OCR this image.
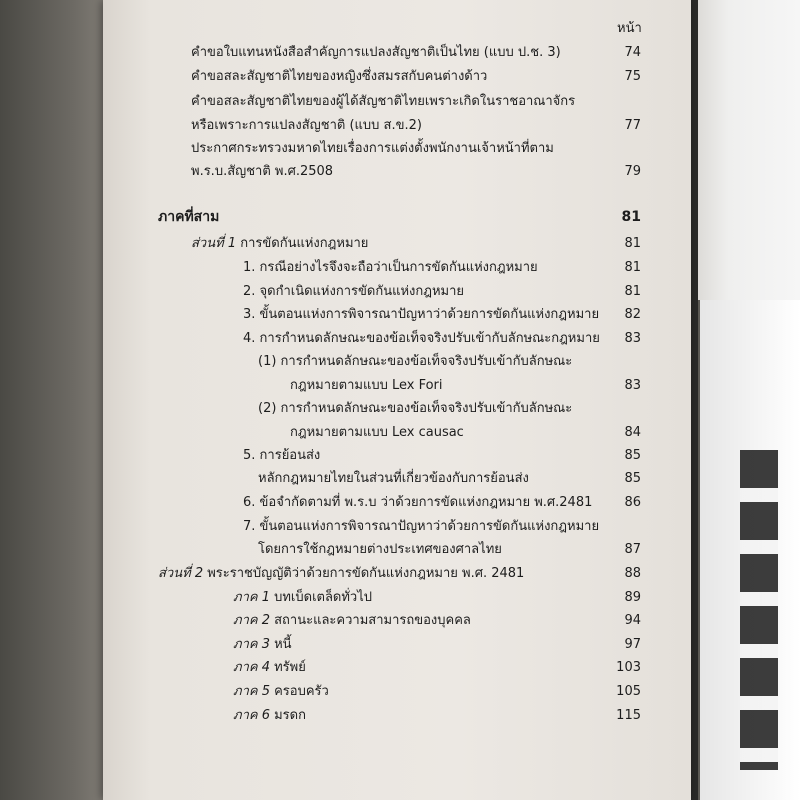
หน้า
คำขอใบแทนหนังสือสำคัญการแปลงสัญชาติเป็นไทย (แบบ ป.ช. 3)	74
คำขอสละสัญชาติไทยของหญิงซึ่งสมรสกับคนต่างด้าว	75
คำขอสละสัญชาติไทยของผู้ได้สัญชาติไทยเพราะเกิดในราชอาณาจักร
หรือเพราะการแปลงสัญชาติ (แบบ ส.ข.2)	77
ประกาศกระทรวงมหาดไทยเรื่องการแต่งตั้งพนักงานเจ้าหน้าที่ตาม
พ.ร.บ.สัญชาติ พ.ศ.2508	79
ภาคที่สาม	81
ส่วนที่ 1 การขัดกันแห่งกฎหมาย	81
1. กรณีอย่างไรจึงจะถือว่าเป็นการขัดกันแห่งกฎหมาย	81
2. จุดกำเนิดแห่งการขัดกันแห่งกฎหมาย	81
3. ขั้นตอนแห่งการพิจารณาปัญหาว่าด้วยการขัดกันแห่งกฎหมาย	82
4. การกำหนดลักษณะของข้อเท็จจริงปรับเข้ากับลักษณะกฎหมาย	83
(1) การกำหนดลักษณะของข้อเท็จจริงปรับเข้ากับลักษณะ
กฎหมายตามแบบ Lex Fori	83
(2) การกำหนดลักษณะของข้อเท็จจริงปรับเข้ากับลักษณะ
กฎหมายตามแบบ Lex causac	84
5. การย้อนส่ง	85
หลักกฎหมายไทยในส่วนที่เกี่ยวข้องกับการย้อนส่ง	85
6. ข้อจำกัดตามที่ พ.ร.บ ว่าด้วยการขัดแห่งกฎหมาย พ.ศ.2481	86
7. ขั้นตอนแห่งการพิจารณาปัญหาว่าด้วยการขัดกันแห่งกฎหมาย
โดยการใช้กฎหมายต่างประเทศของศาลไทย	87
ส่วนที่ 2 พระราชบัญญัติว่าด้วยการขัดกันแห่งกฎหมาย พ.ศ. 2481	88
ภาค 1 บทเบ็ดเตล็ดทั่วไป	89
ภาค 2 สถานะและความสามารถของบุคคล	94
ภาค 3 หนี้	97
ภาค 4 ทรัพย์	103
ภาค 5 ครอบครัว	105
ภาค 6 มรดก	115
